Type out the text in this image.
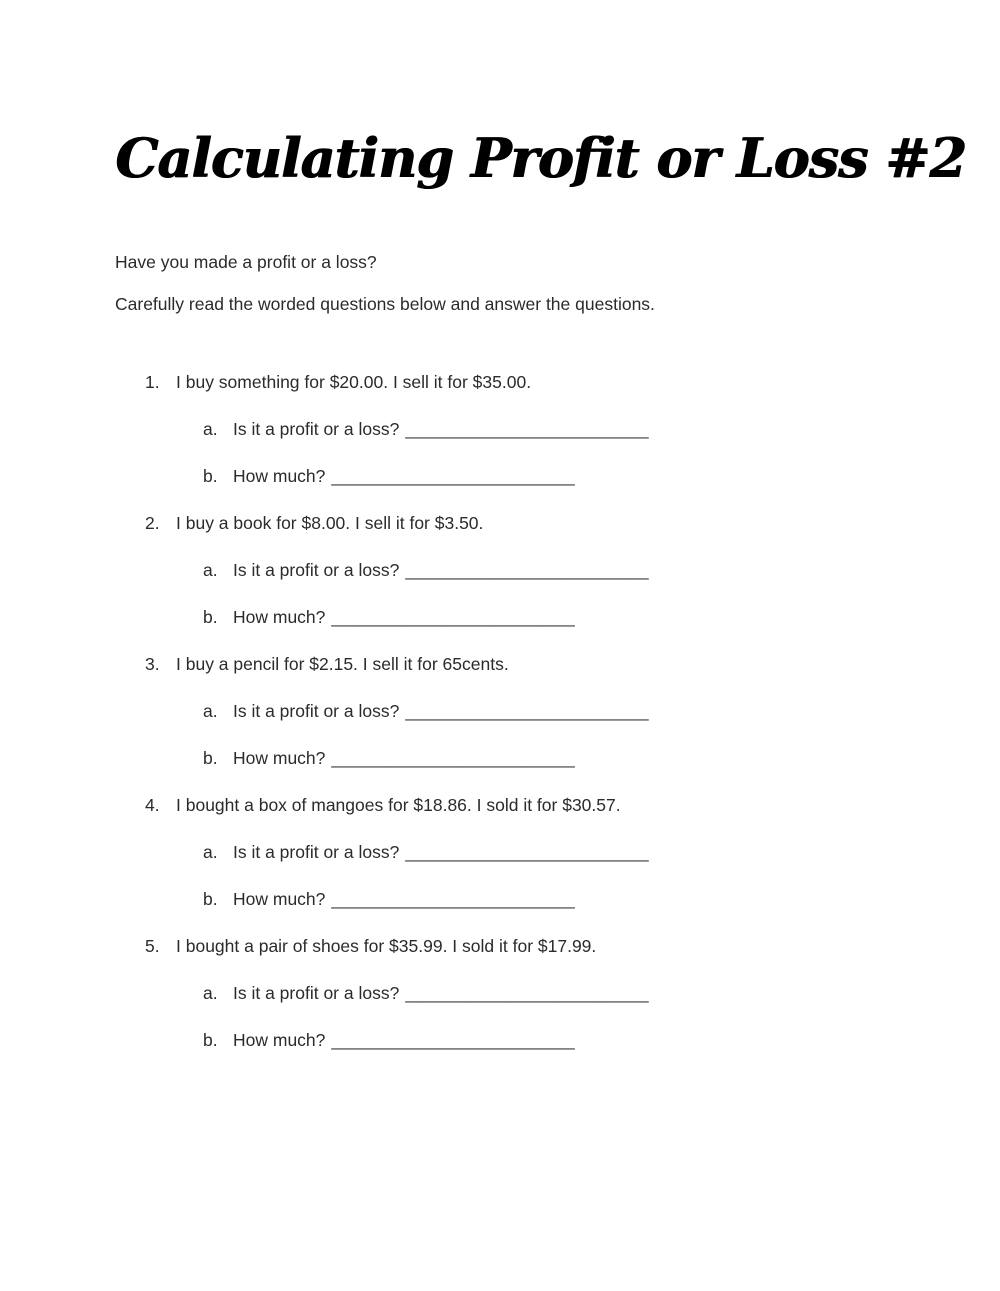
Calculating Profit or Loss #2

Have you made a profit or a loss?

Carefully read the worded questions below and answer the questions.

1. I buy something for $20.00. I sell it for $35.00.
a. Is it a profit or a loss? _________________________
b. How much? _________________________
2. I buy a book for $8.00. I sell it for $3.50.
a. Is it a profit or a loss? _________________________
b. How much? _________________________
3. I buy a pencil for $2.15. I sell it for 65cents.
a. Is it a profit or a loss? _________________________
b. How much? _________________________
4. I bought a box of mangoes for $18.86. I sold it for $30.57.
a. Is it a profit or a loss? _________________________
b. How much? _________________________
5. I bought a pair of shoes for $35.99. I sold it for $17.99.
a. Is it a profit or a loss? _________________________
b. How much? _________________________
